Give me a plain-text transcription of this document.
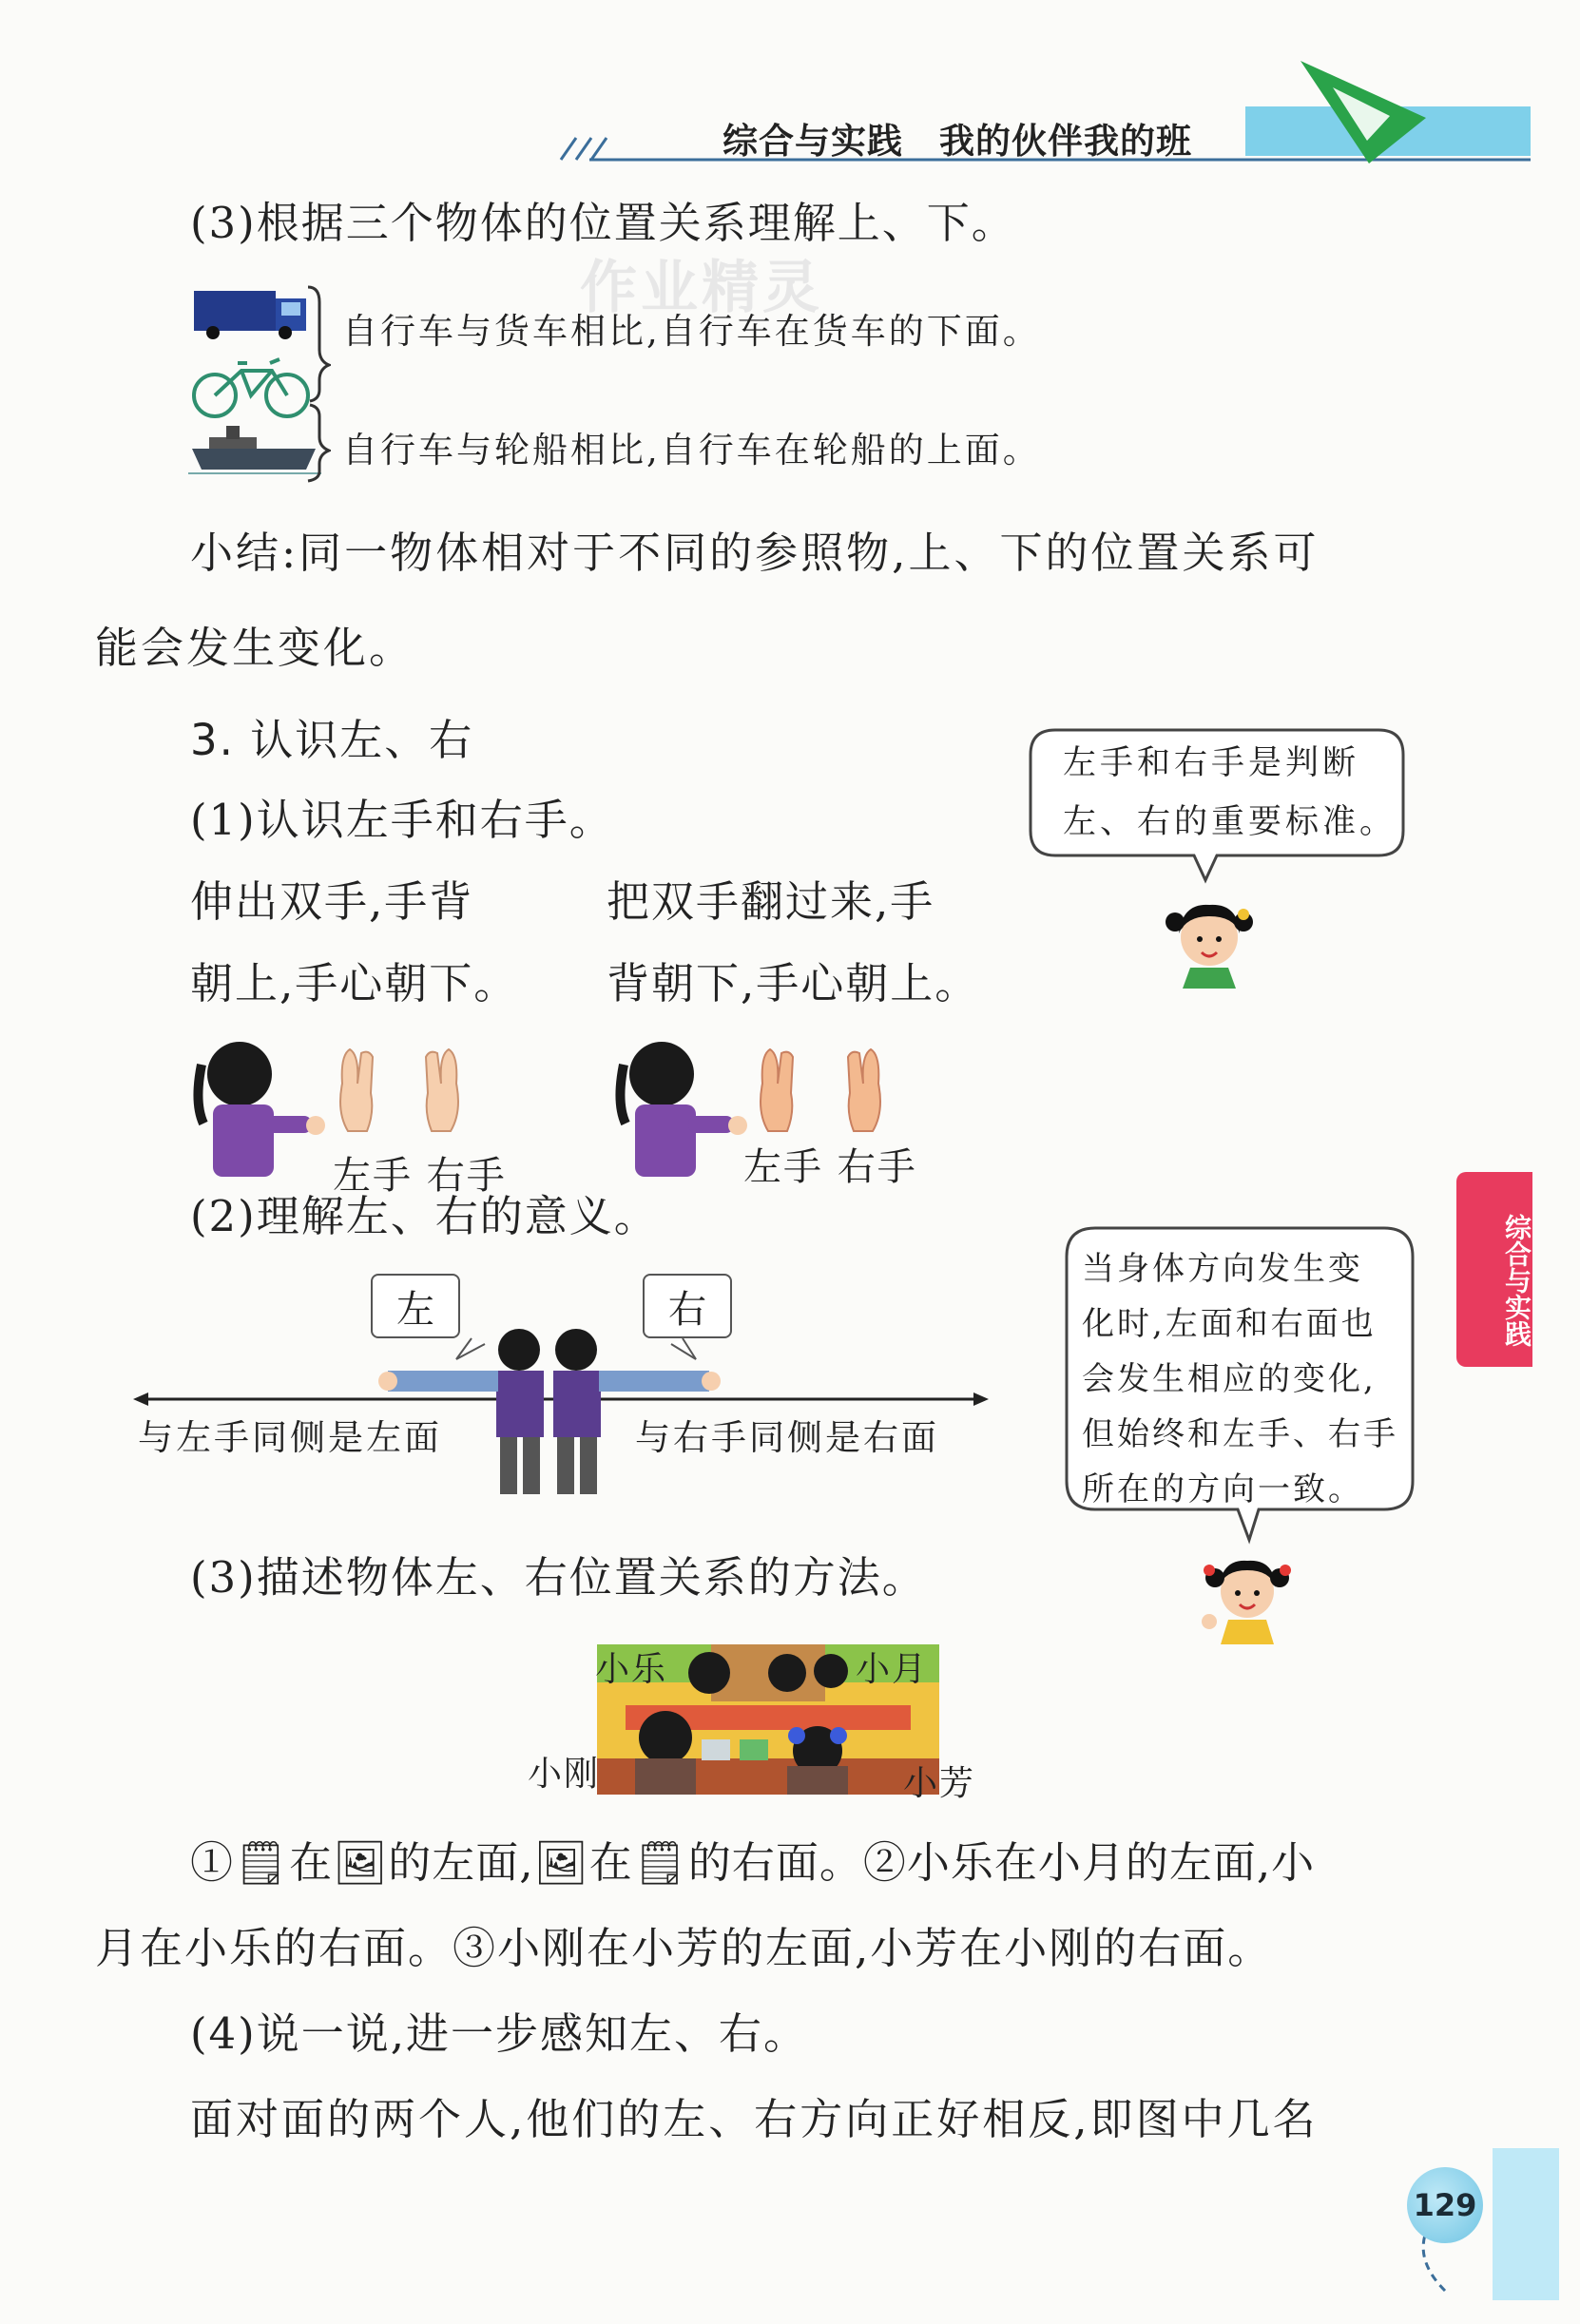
综合与实践　我的伙伴我的班
(3)根据三个物体的位置关系理解上、下。
作业精灵
自行车与货车相比,自行车在货车的下面。
自行车与轮船相比,自行车在轮船的上面。
小结:同一物体相对于不同的参照物,上、下的位置关系可
能会发生变化。
3. 认识左、右
(1)认识左手和右手。
伸出双手,手背
朝上,手心朝下。
把双手翻过来,手
背朝下,手心朝上。
左手和右手是判断
左、右的重要标准。
左手 右手	左手 右手
(2)理解左、右的意义。
左	右
与左手同侧是左面	与右手同侧是右面
当身体方向发生变
化时,左面和右面也
会发生相应的变化,
但始终和左手、右手
所在的方向一致。
(3)描述物体左、右位置关系的方法。
小乐	小月
小刚	小芳
①🗒在🖼的左面,🖼在🗒的右面。②小乐在小月的左面,小
月在小乐的右面。③小刚在小芳的左面,小芳在小刚的右面。
(4)说一说,进一步感知左、右。
面对面的两个人,他们的左、右方向正好相反,即图中几名
综合与实践
129
